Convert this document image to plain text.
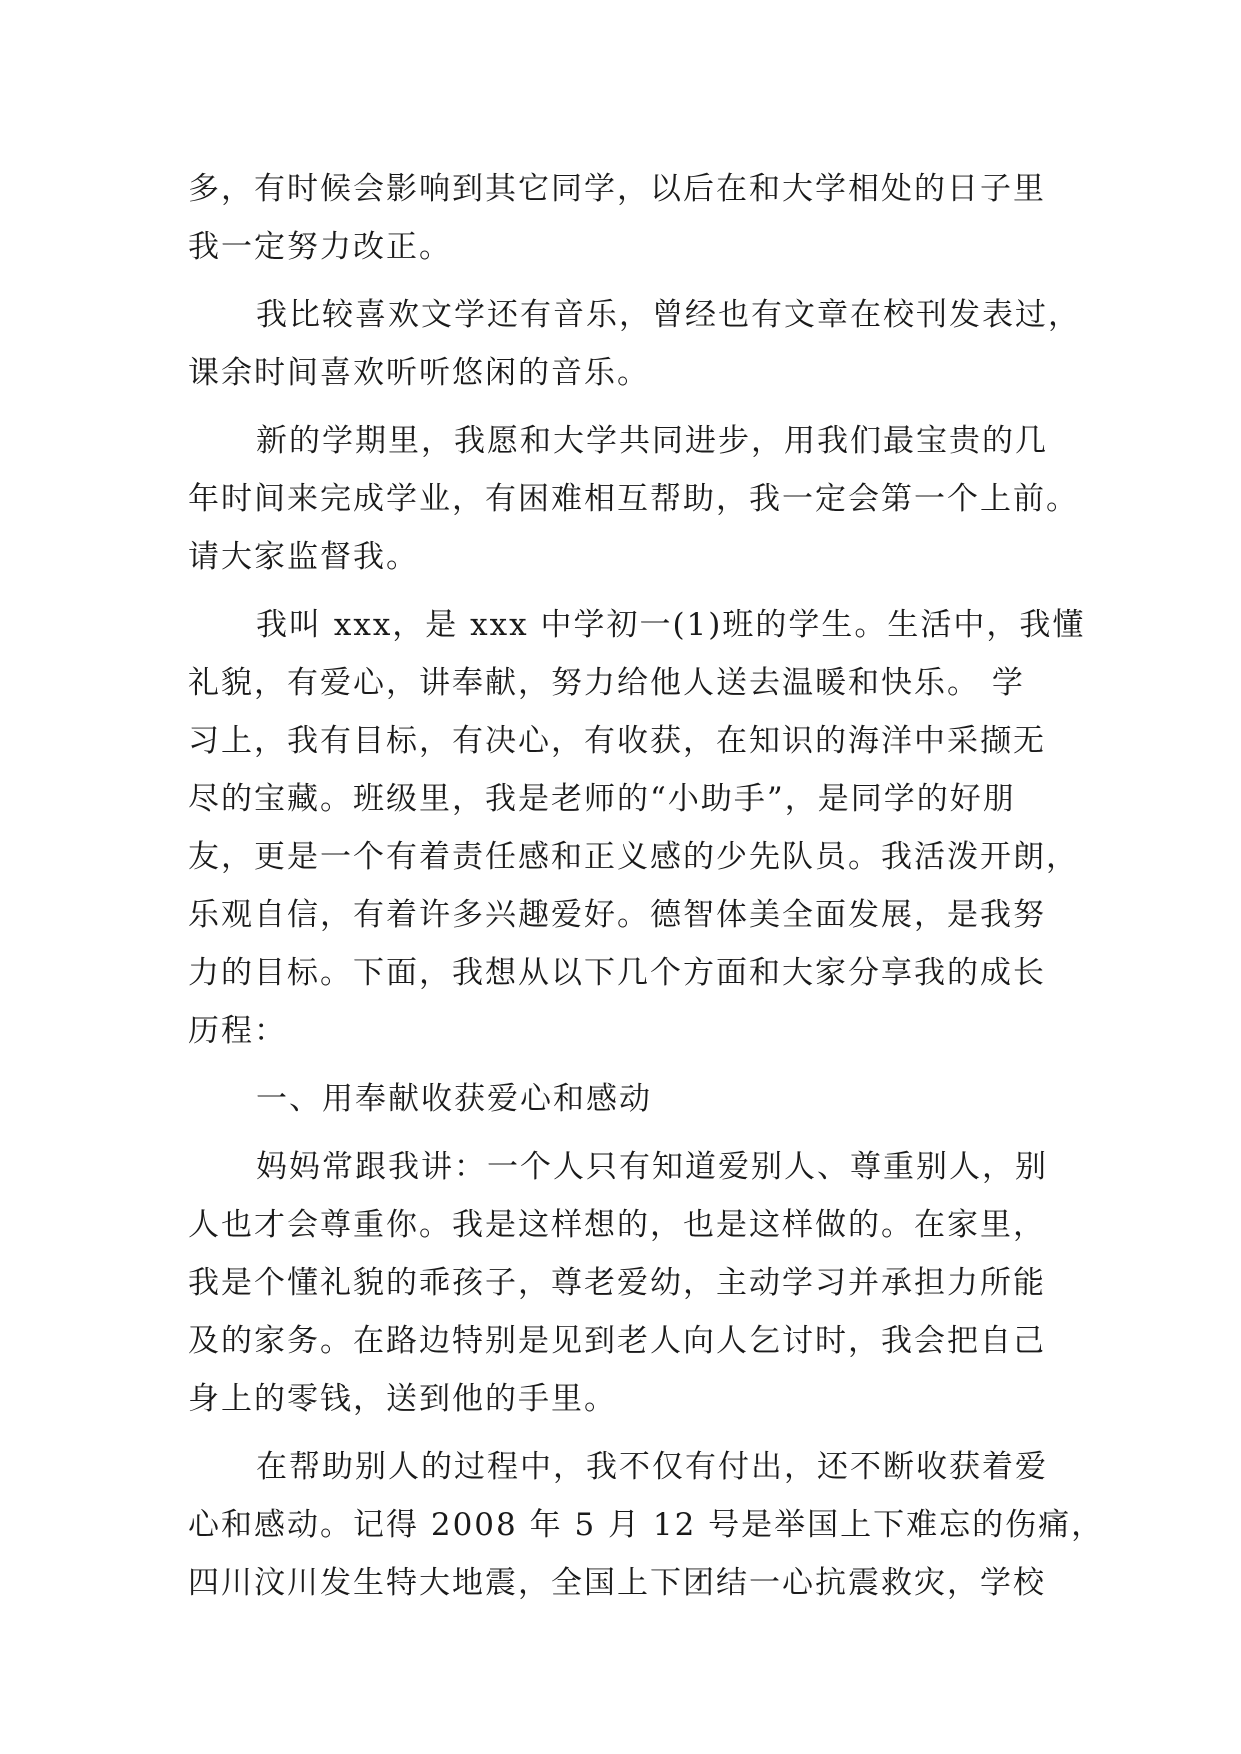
多，有时候会影响到其它同学，以后在和大学相处的日子里
我一定努力改正。
我比较喜欢文学还有音乐，曾经也有文章在校刊发表过，
课余时间喜欢听听悠闲的音乐。
新的学期里，我愿和大学共同进步，用我们最宝贵的几
年时间来完成学业，有困难相互帮助，我一定会第一个上前。
请大家监督我。
我叫 xxx，是 xxx 中学初一(1)班的学生。生活中，我懂
礼貌，有爱心，讲奉献，努力给他人送去温暖和快乐。 学
习上，我有目标，有决心，有收获，在知识的海洋中采撷无
尽的宝藏。班级里，我是老师的“小助手”，是同学的好朋
友，更是一个有着责任感和正义感的少先队员。我活泼开朗，
乐观自信，有着许多兴趣爱好。德智体美全面发展，是我努
力的目标。下面，我想从以下几个方面和大家分享我的成长
历程：
一、用奉献收获爱心和感动
妈妈常跟我讲：一个人只有知道爱别人、尊重别人，别
人也才会尊重你。我是这样想的，也是这样做的。在家里，
我是个懂礼貌的乖孩子，尊老爱幼，主动学习并承担力所能
及的家务。在路边特别是见到老人向人乞讨时，我会把自己
身上的零钱，送到他的手里。
在帮助别人的过程中，我不仅有付出，还不断收获着爱
心和感动。记得 2008 年 5 月 12 号是举国上下难忘的伤痛，
四川汶川发生特大地震，全国上下团结一心抗震救灾，学校
